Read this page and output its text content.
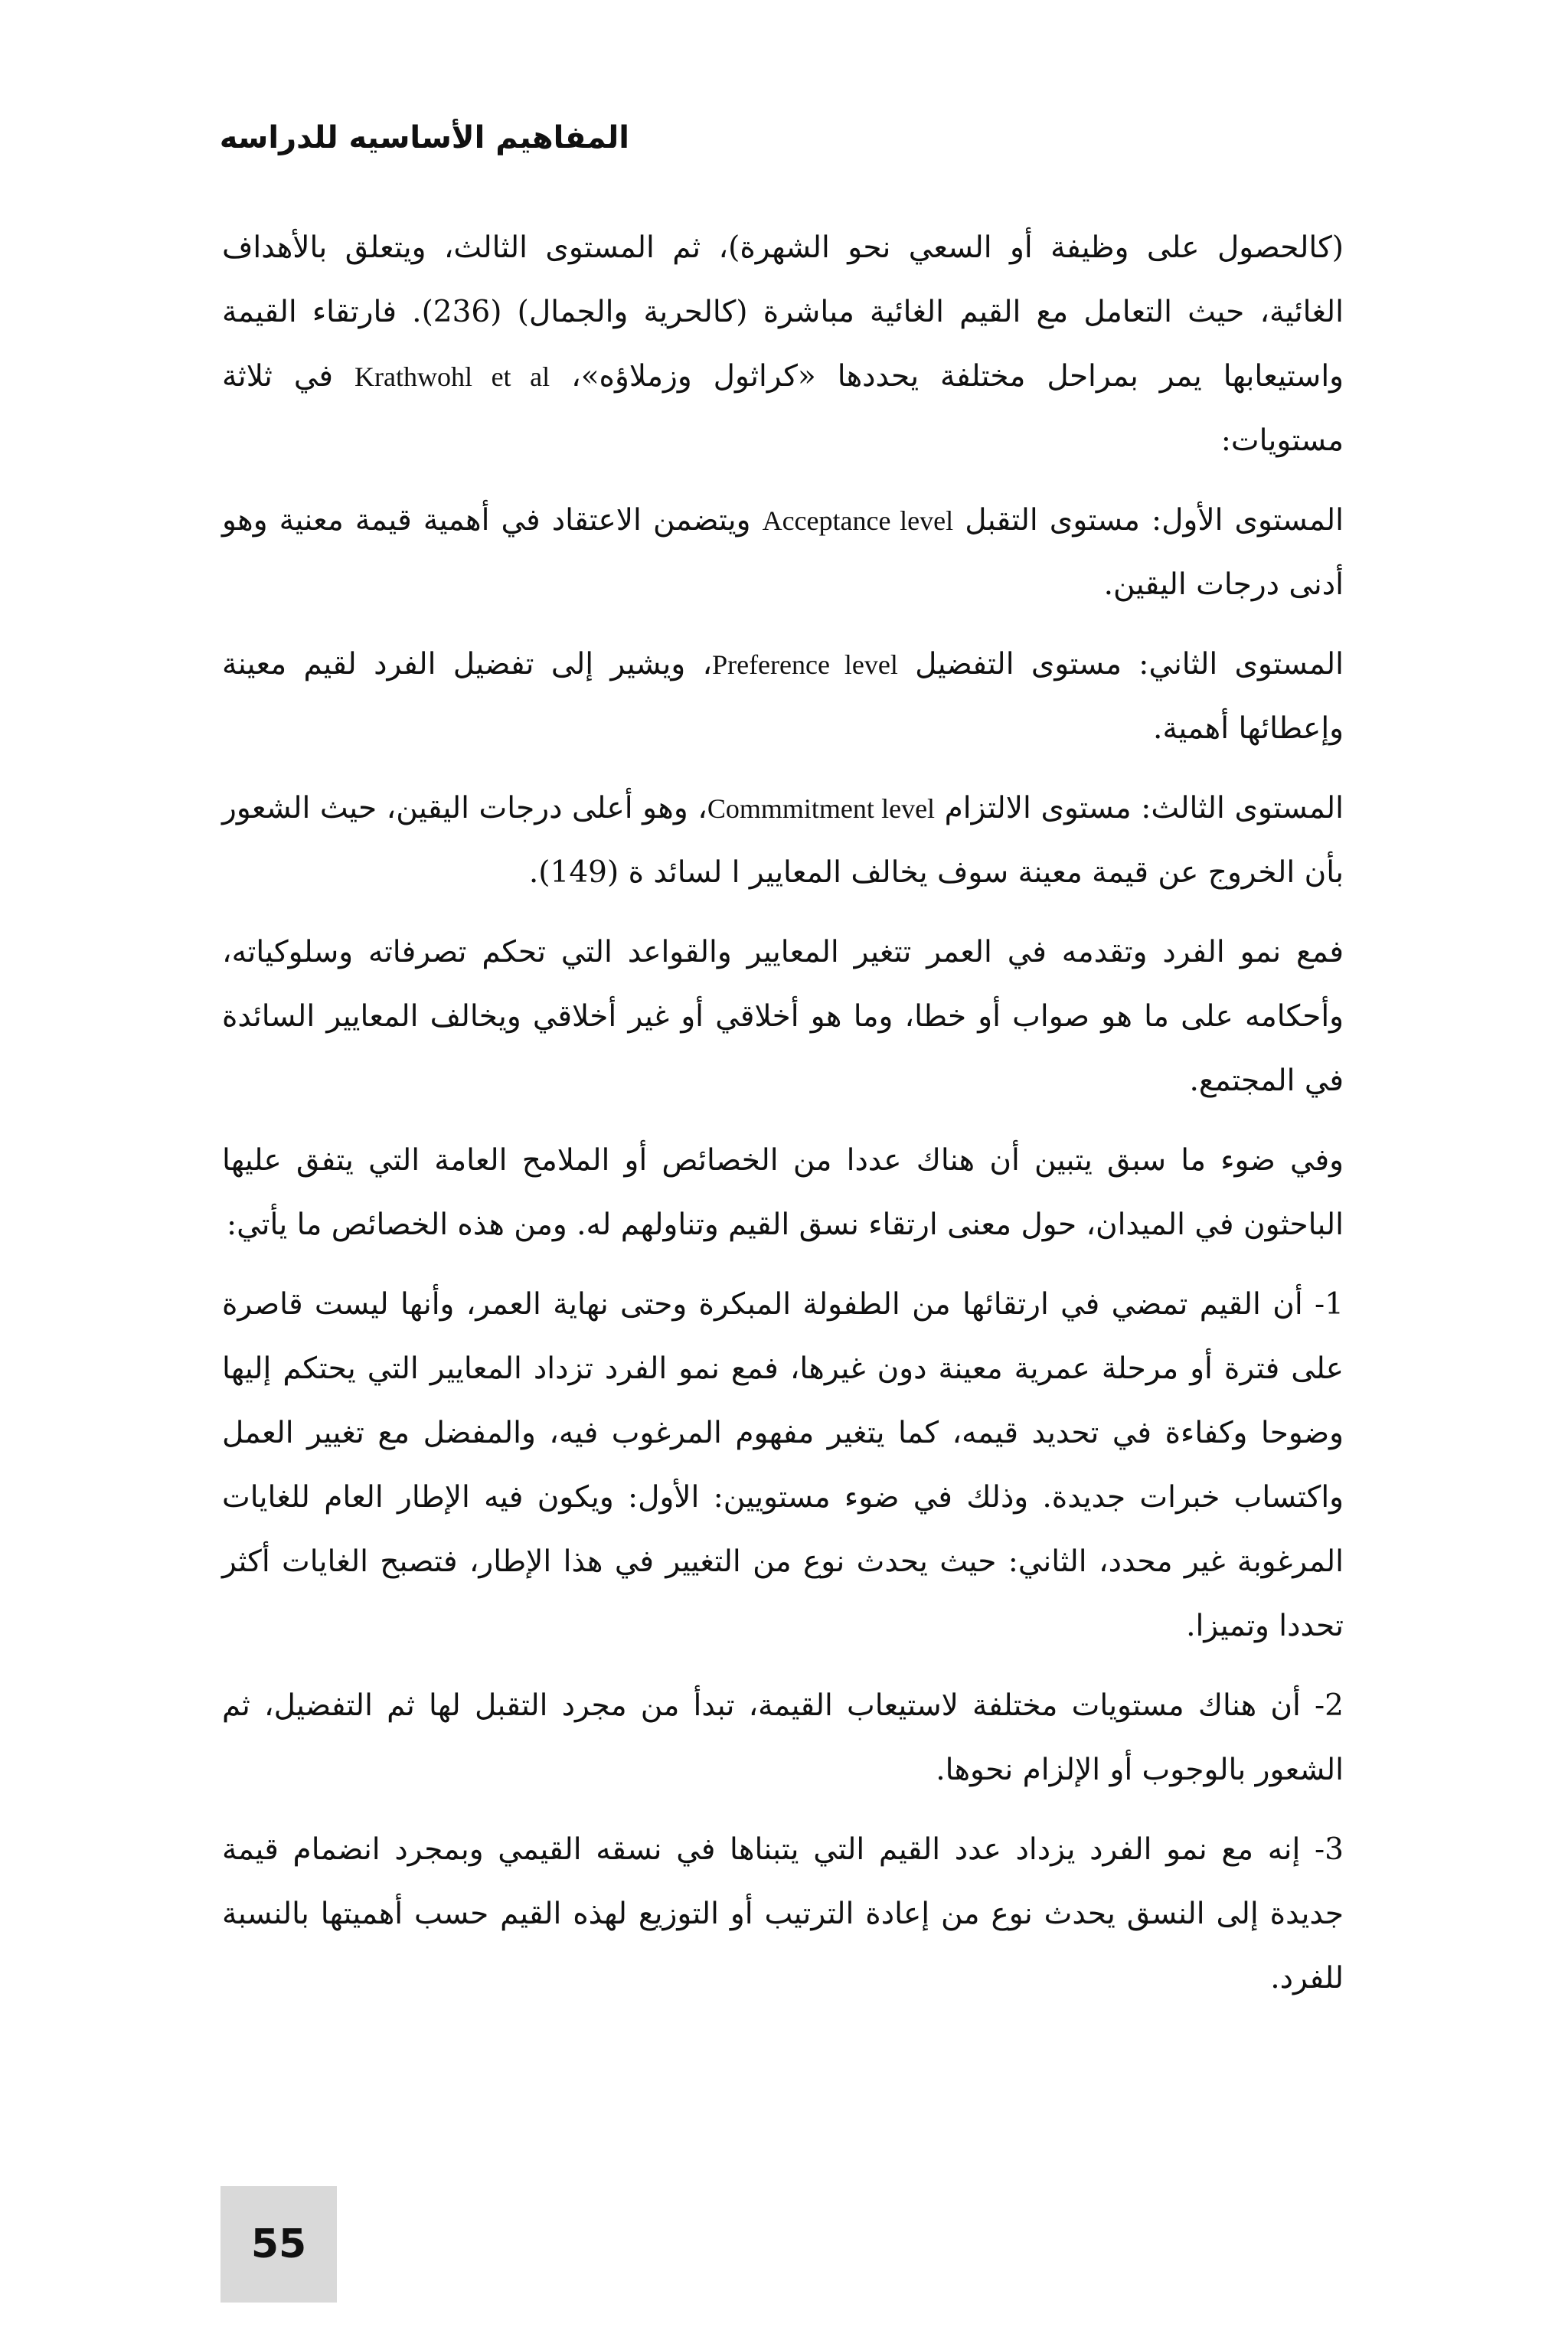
المفاهيم الأساسيه للدراسه

(كالحصول على وظيفة أو السعي نحو الشهرة)، ثم المستوى الثالث، ويتعلق بالأهداف الغائية، حيث التعامل مع القيم الغائية مباشرة (كالحرية والجمال) (236). فارتقاء القيمة واستيعابها يمر بمراحل مختلفة يحددها «كراثول وزملاؤه»، Krathwohl et al في ثلاثة مستويات:

المستوى الأول: مستوى التقبل Acceptance level ويتضمن الاعتقاد في أهمية قيمة معنية وهو أدنى درجات اليقين.

المستوى الثاني: مستوى التفضيل Preference level، ويشير إلى تفضيل الفرد لقيم معينة وإعطائها أهمية.

المستوى الثالث: مستوى الالتزام Commmitment level، وهو أعلى درجات اليقين، حيث الشعور بأن الخروج عن قيمة معينة سوف يخالف المعايير ا لسائد ة (149).

فمع نمو الفرد وتقدمه في العمر تتغير المعايير والقواعد التي تحكم تصرفاته وسلوكياته، وأحكامه على ما هو صواب أو خطا، وما هو أخلاقي أو غير أخلاقي ويخالف المعايير السائدة في المجتمع.

وفي ضوء ما سبق يتبين أن هناك عددا من الخصائص أو الملامح العامة التي يتفق عليها الباحثون في الميدان، حول معنى ارتقاء نسق القيم وتناولهم له. ومن هذه الخصائص ما يأتي:

1- أن القيم تمضي في ارتقائها من الطفولة المبكرة وحتى نهاية العمر، وأنها ليست قاصرة على فترة أو مرحلة عمرية معينة دون غيرها، فمع نمو الفرد تزداد المعايير التي يحتكم إليها وضوحا وكفاءة في تحديد قيمه، كما يتغير مفهوم المرغوب فيه، والمفضل مع تغيير العمل واكتساب خبرات جديدة. وذلك في ضوء مستويين: الأول: ويكون فيه الإطار العام للغايات المرغوبة غير محدد، الثاني: حيث يحدث نوع من التغيير في هذا الإطار، فتصبح الغايات أكثر تحددا وتميزا.

2- أن هناك مستويات مختلفة لاستيعاب القيمة، تبدأ من مجرد التقبل لها ثم التفضيل، ثم الشعور بالوجوب أو الإلزام نحوها.

3- إنه مع نمو الفرد يزداد عدد القيم التي يتبناها في نسقه القيمي وبمجرد انضمام قيمة جديدة إلى النسق يحدث نوع من إعادة الترتيب أو التوزيع لهذه القيم حسب أهميتها بالنسبة للفرد.

55
